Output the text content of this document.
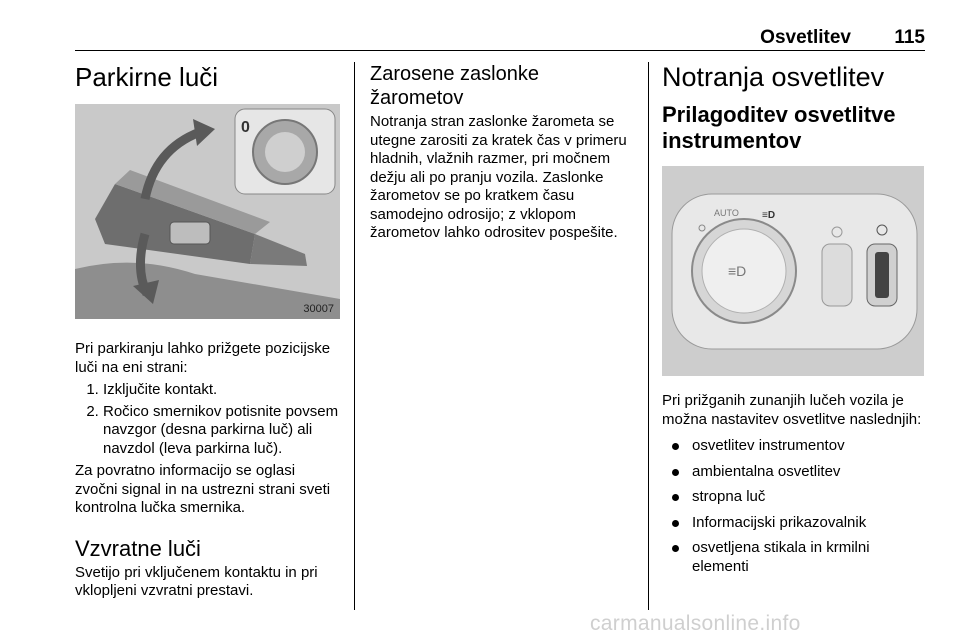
Osvetlitev 115
Parkirne luči
0
30007

Pri parkiranju lahko prižgete pozicijske luči na eni strani:

1. Izključite kontakt.
2. Ročico smernikov potisnite povsem navzgor (desna parkirna luč) ali navzdol (leva parkirna luč).

Za povratno informacijo se oglasi zvočni signal in na ustrezni strani sveti kontrolna lučka smernika.

Vzvratne luči

Svetijo pri vključenem kontaktu in pri vklopljeni vzvratni prestavi.

Zarosene zaslonke
žarometov

Notranja stran zaslonke žarometa se utegne zarositi za kratek čas v primeru hladnih, vlažnih razmer, pri močnem dežju ali po pranju vozila. Zaslonke žarometov se po kratkem času samodejno odrosijo; z vklopom žarometov lahko odrositev pospešite.

Notranja osvetlitev
Prilagoditev osvetlitve
instrumentov
≡D
AUTO ≡D

Pri prižganih zunanjih lučeh vozila je možna nastavitev osvetlitve naslednjih:

osvetlitev instrumentov
ambientalna osvetlitev
stropna luč
Informacijski prikazovalnik
osvetljena stikala in krmilni elementi
carmanualsonline.info
